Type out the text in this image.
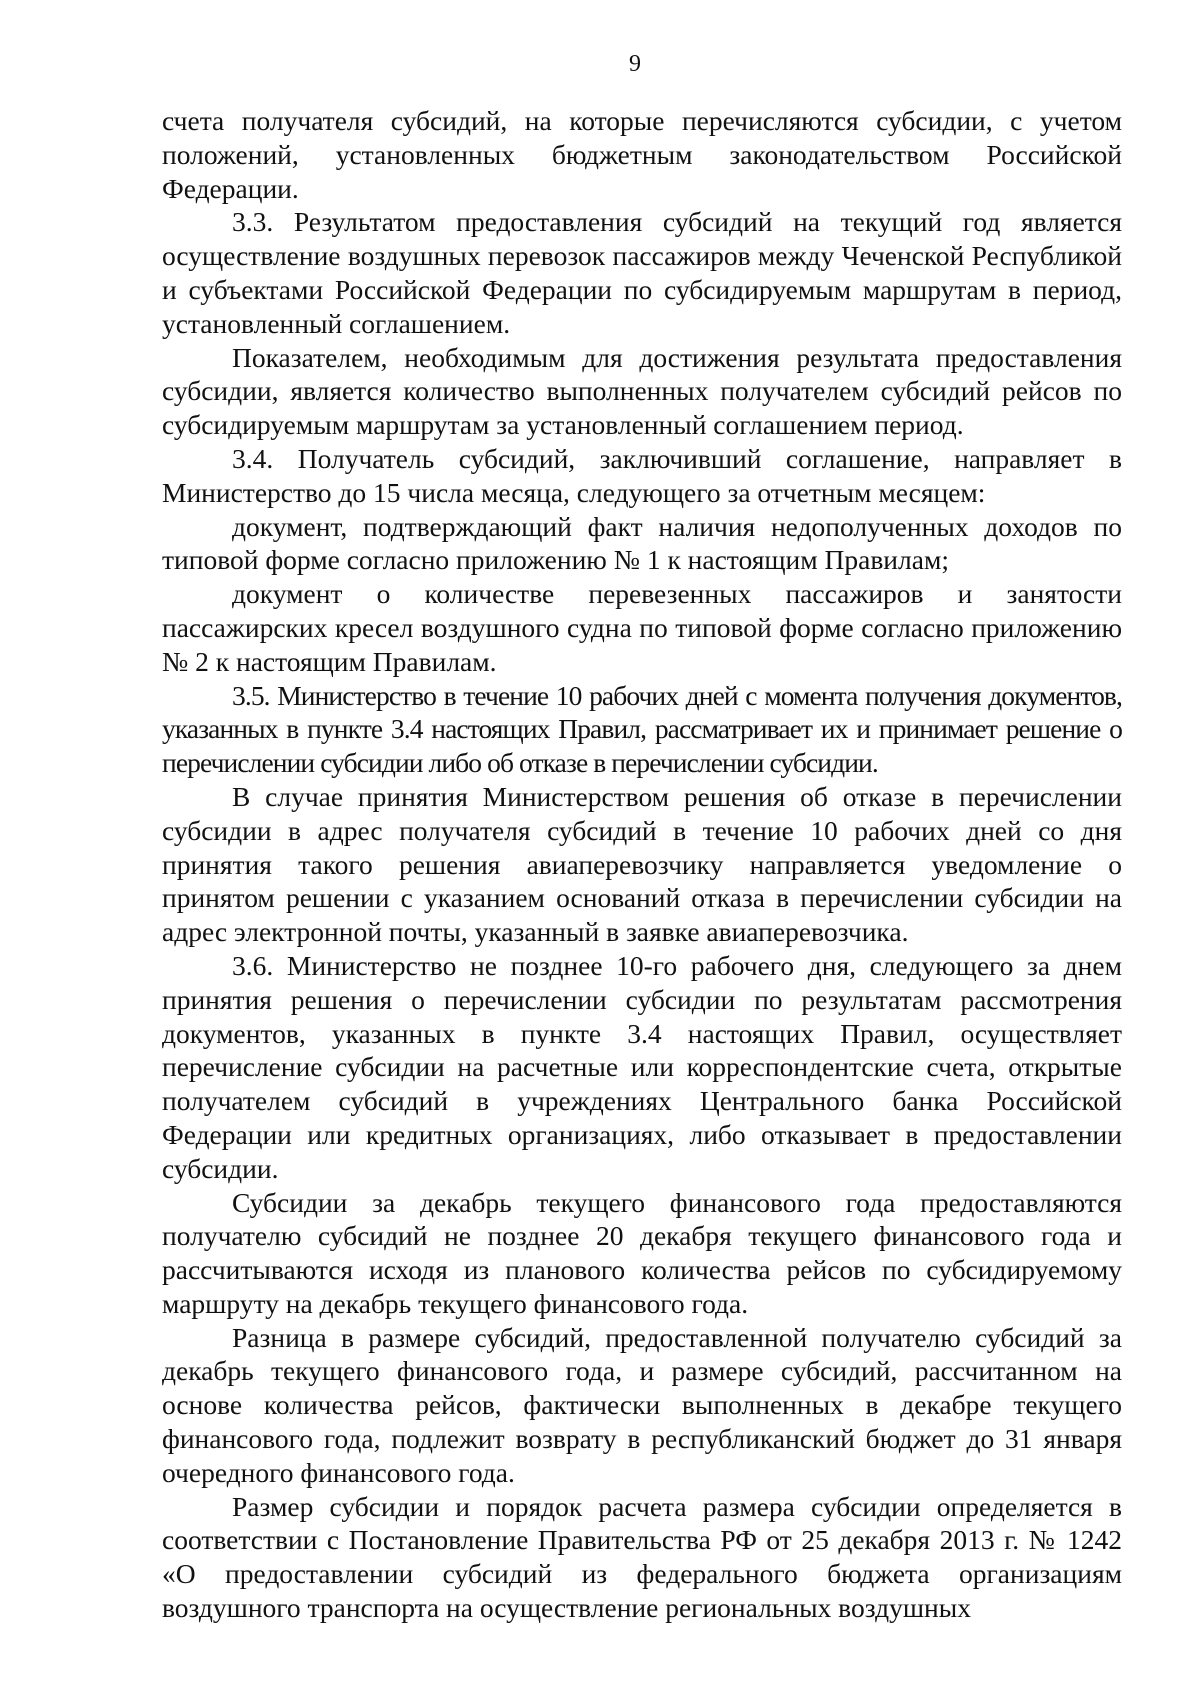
9

счета получателя субсидий, на которые перечисляются субсидии, с учетом положений, установленных бюджетным законодательством Российской Федерации.

3.3. Результатом предоставления субсидий на текущий год является осуществление воздушных перевозок пассажиров между Чеченской Республикой и субъектами Российской Федерации по субсидируемым маршрутам в период, установленный соглашением.

Показателем, необходимым для достижения результата предоставления субсидии, является количество выполненных получателем субсидий рейсов по субсидируемым маршрутам за установленный соглашением период.

3.4. Получатель субсидий, заключивший соглашение, направляет в Министерство до 15 числа месяца, следующего за отчетным месяцем:

документ, подтверждающий факт наличия недополученных доходов по типовой форме согласно приложению № 1 к настоящим Правилам;

документ о количестве перевезенных пассажиров и занятости пассажирских кресел воздушного судна по типовой форме согласно приложению № 2 к настоящим Правилам.

3.5. Министерство в течение 10 рабочих дней с момента получения документов, указанных в пункте 3.4 настоящих Правил, рассматривает их и принимает решение о перечислении субсидии либо об отказе в перечислении субсидии.

В случае принятия Министерством решения об отказе в перечислении субсидии в адрес получателя субсидий в течение 10 рабочих дней со дня принятия такого решения авиаперевозчику направляется уведомление о принятом решении с указанием оснований отказа в перечислении субсидии на адрес электронной почты, указанный в заявке авиаперевозчика.

3.6. Министерство не позднее 10-го рабочего дня, следующего за днем принятия решения о перечислении субсидии по результатам рассмотрения документов, указанных в пункте 3.4 настоящих Правил, осуществляет перечисление субсидии на расчетные или корреспондентские счета, открытые получателем субсидий в учреждениях Центрального банка Российской Федерации или кредитных организациях, либо отказывает в предоставлении субсидии.

Субсидии за декабрь текущего финансового года предоставляются получателю субсидий не позднее 20 декабря текущего финансового года и рассчитываются исходя из планового количества рейсов по субсидируемому маршруту на декабрь текущего финансового года.

Разница в размере субсидий, предоставленной получателю субсидий за декабрь текущего финансового года, и размере субсидий, рассчитанном на основе количества рейсов, фактически выполненных в декабре текущего финансового года, подлежит возврату в республиканский бюджет до 31 января очередного финансового года.

Размер субсидии и порядок расчета размера субсидии определяется в соответствии с Постановление Правительства РФ от 25 декабря 2013 г. № 1242 «О предоставлении субсидий из федерального бюджета организациям воздушного транспорта на осуществление региональных воздушных
